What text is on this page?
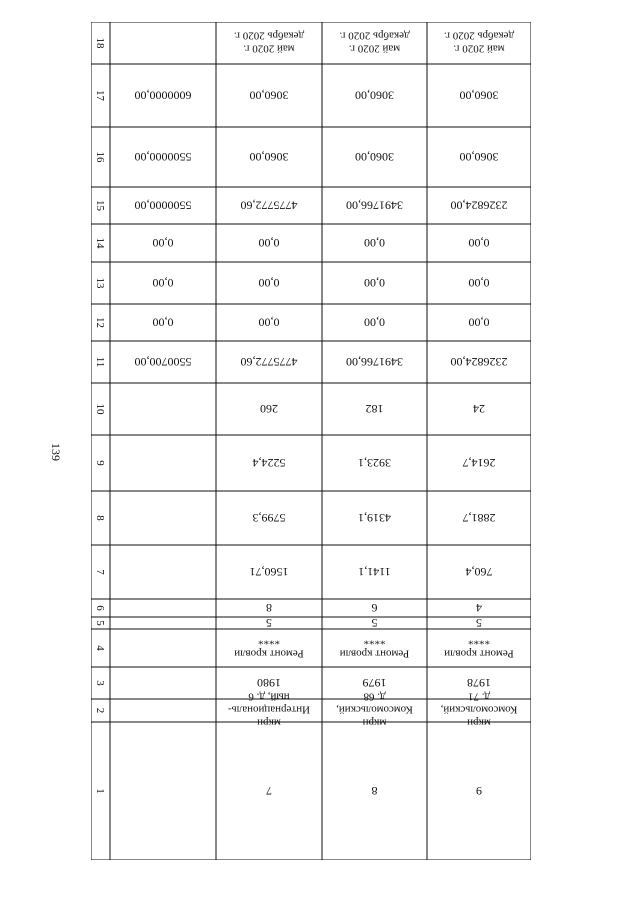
139
1
2
3
4
5
6
7
8
9
10
11
12
13
14
15
16
17
18
5500700,00
0,00
0,00
0,00
5500000,00
5500000,00
6000000,00
7
мкрнИнтернациональ-ный, д. 6
1980
Ремонт кровли****
5
8
1560,71
5799,3
5224,4
260
4775772,60
0,00
0,00
0,00
4775772,60
3060,00
3060,00
май 2020 г.декабрь 2020 г.
8
мкрнКомсомольский,д. 68
1979
Ремонт кровли****
5
6
1141,1
4319,1
3923,1
182
3491766,00
0,00
0,00
0,00
3491766,00
3060,00
3060,00
май 2020 г.декабрь 2020 г.
9
мкрнКомсомольский,д. 71
1978
Ремонт кровли****
5
4
760,4
2881,7
2614,7
24
2326824,00
0,00
0,00
0,00
2326824,00
3060,00
3060,00
май 2020 г.декабрь 2020 г.
